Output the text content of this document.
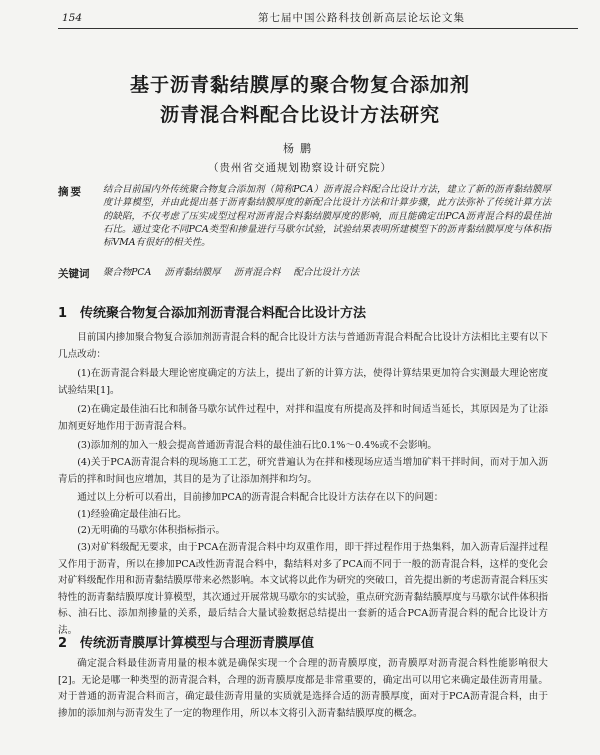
154	第七届中国公路科技创新高层论坛论文集
基于沥青黏结膜厚的聚合物复合添加剂
沥青混合料配合比设计方法研究
杨鹏
（贵州省交通规划勘察设计研究院）
摘要 结合目前国内外传统聚合物复合添加剂（简称PCA）沥青混合料配合比设计方法，建立了新的沥青黏结膜厚度计算模型，并由此提出基于沥青黏结膜厚度的新配合比设计方法和计算步骤，此方法弥补了传统计算方法的缺陷，不仅考虑了压实成型过程对沥青混合料黏结膜厚度的影响，而且能确定出PCA沥青混合料的最佳油石比。通过变化不同PCA类型和掺量进行马歇尔试验，试验结果表明所建模型下的沥青黏结膜厚度与体积指标VMA有很好的相关性。
关键词 聚合物PCA 沥青黏结膜厚 沥青混合料 配合比设计方法
1 传统聚合物复合添加剂沥青混合料配合比设计方法
目前国内掺加聚合物复合添加剂沥青混合料的配合比设计方法与普通沥青混合料配合比设计方法相比主要有以下几点改动：
(1)在沥青混合料最大理论密度确定的方法上，提出了新的计算方法，使得计算结果更加符合实测最大理论密度试验结果[1]。
(2)在确定最佳油石比和制备马歇尔试件过程中，对拌和温度有所提高及拌和时间适当延长，其原因是为了让添加剂更好地作用于沥青混合料。
(3)添加剂的加入一般会提高普通沥青混合料的最佳油石比0.1%～0.4%或不会影响。
(4)关于PCA沥青混合料的现场施工工艺，研究普遍认为在拌和楼现场应适当增加矿料干拌时间，而对于加入沥青后的拌和时间也应增加，其目的是为了让添加剂拌和均匀。
通过以上分析可以看出，目前掺加PCA的沥青混合料配合比设计方法存在以下的问题：
(1)经验确定最佳油石比。
(2)无明确的马歇尔体积指标指示。
(3)对矿料级配无要求，由于PCA在沥青混合料中均双重作用，即干拌过程作用于热集料，加入沥青后湿拌过程又作用于沥青，所以在掺加PCA改性沥青混合料中，黏结料对多了PCA而不同于一般的沥青混合料，这样的变化会对矿料级配作用和沥青黏结膜厚带来必然影响。本文试将以此作为研究的突破口，首先提出新的考虑沥青混合料压实特性的沥青黏结膜厚度计算模型，其次通过开展常规马歇尔的实试验，重点研究沥青黏结膜厚度与马歇尔试件体积指标、油石比、添加剂掺量的关系，最后结合大量试验数据总结提出一套新的适合PCA沥青混合料的配合比设计方法。
2 传统沥青膜厚计算模型与合理沥青膜厚值
确定混合料最佳沥青用量的根本就是确保实现一个合理的沥青膜厚度，沥青膜厚对沥青混合料性能影响很大[2]。无论是哪一种类型的沥青混合料，合理的沥青膜厚度都是非常重要的，确定出可以用它来确定最佳沥青用量。对于普通的沥青混合料而言，确定最佳沥青用量的实质就是选择合适的沥青膜厚度，面对于PCA沥青混合料，由于掺加的添加剂与沥青发生了一定的物理作用，所以本文将引入沥青黏结膜厚度的概念。
